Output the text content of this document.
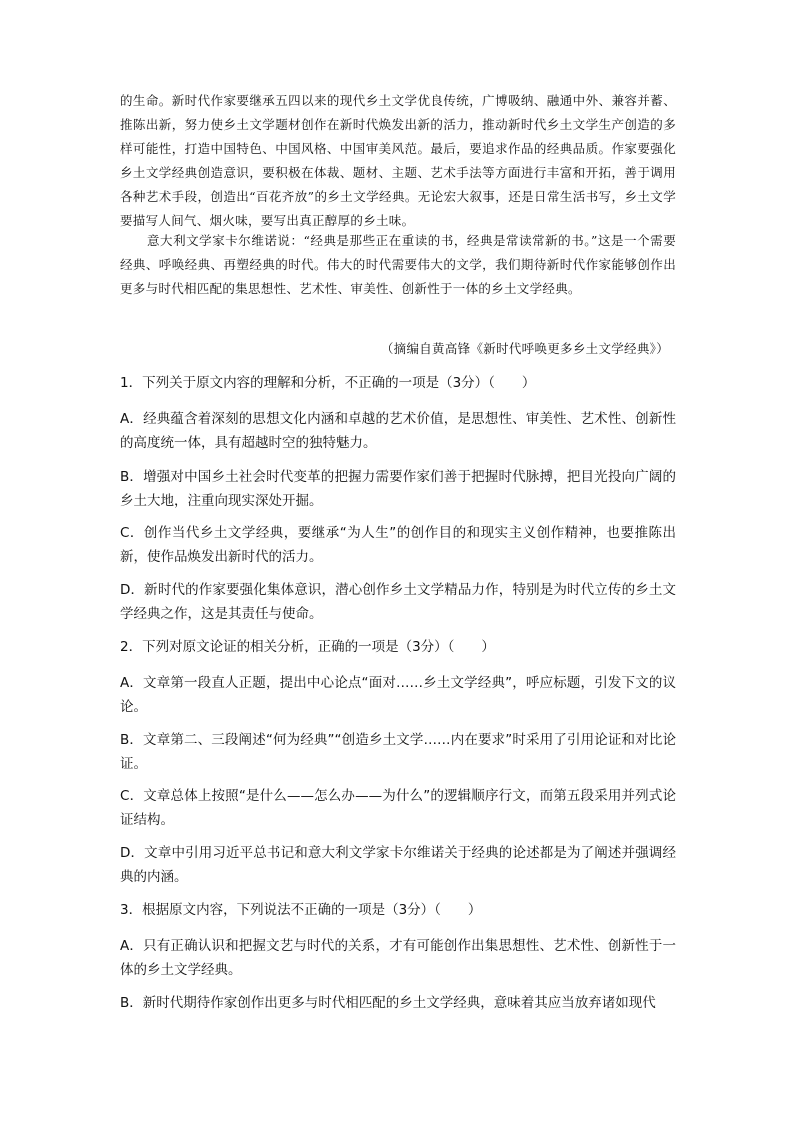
的生命。新时代作家要继承五四以来的现代乡土文学优良传统，广博吸纳、融通中外、兼容并蓄、推陈出新，努力使乡土文学题材创作在新时代焕发出新的活力，推动新时代乡土文学生产创造的多样可能性，打造中国特色、中国风格、中国审美风范。最后，要追求作品的经典品质。作家要强化乡土文学经典创造意识，要积极在体裁、题材、主题、艺术手法等方面进行丰富和开拓，善于调用各种艺术手段，创造出“百花齐放”的乡土文学经典。无论宏大叙事，还是日常生活书写，乡土文学要描写人间气、烟火味，要写出真正醇厚的乡土味。

意大利文学家卡尔维诺说：“经典是那些正在重读的书，经典是常读常新的书。”这是一个需要经典、呼唤经典、再塑经典的时代。伟大的时代需要伟大的文学，我们期待新时代作家能够创作出更多与时代相匹配的集思想性、艺术性、审美性、创新性于一体的乡土文学经典。

（摘编自黄高锋《新时代呼唤更多乡土文学经典》）

1．下列关于原文内容的理解和分析，不正确的一项是（3分）（　　）

A．经典蕴含着深刻的思想文化内涵和卓越的艺术价值，是思想性、审美性、艺术性、创新性的高度统一体，具有超越时空的独特魅力。

B．增强对中国乡土社会时代变革的把握力需要作家们善于把握时代脉搏，把目光投向广阔的乡土大地，注重向现实深处开掘。

C．创作当代乡土文学经典，要继承“为人生”的创作目的和现实主义创作精神，也要推陈出新，使作品焕发出新时代的活力。

D．新时代的作家要强化集体意识，潜心创作乡土文学精品力作，特别是为时代立传的乡土文学经典之作，这是其责任与使命。

2．下列对原文论证的相关分析，正确的一项是（3分）（　　）

A．文章第一段直人正题，提出中心论点“面对……乡土文学经典”，呼应标题，引发下文的议论。

B．文章第二、三段阐述“何为经典”“创造乡土文学……内在要求”时采用了引用论证和对比论证。

C．文章总体上按照“是什么——怎么办——为什么”的逻辑顺序行文，而第五段采用并列式论证结构。

D．文章中引用习近平总书记和意大利文学家卡尔维诺关于经典的论述都是为了阐述并强调经典的内涵。

3．根据原文内容，下列说法不正确的一项是（3分）（　　）

A．只有正确认识和把握文艺与时代的关系，才有可能创作出集思想性、艺术性、创新性于一体的乡土文学经典。

B．新时代期待作家创作出更多与时代相匹配的乡土文学经典，意味着其应当放弃诸如现代
